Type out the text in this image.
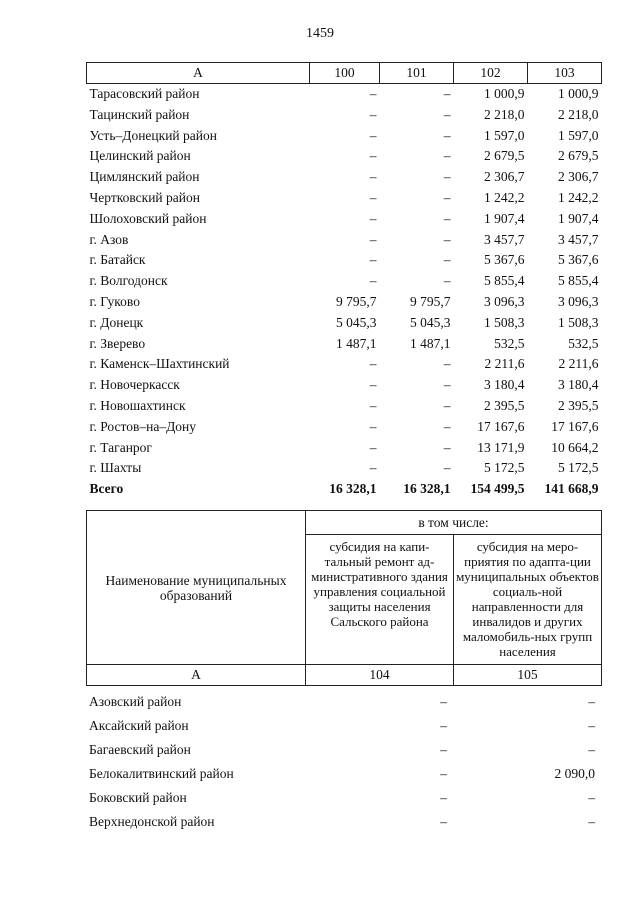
1459
А	100	101	102	103
Тарасовский район	–	–	1 000,9	1 000,9
Тацинский район	–	–	2 218,0	2 218,0
Усть–Донецкий район	–	–	1 597,0	1 597,0
Целинский район	–	–	2 679,5	2 679,5
Цимлянский район	–	–	2 306,7	2 306,7
Чертковский район	–	–	1 242,2	1 242,2
Шолоховский район	–	–	1 907,4	1 907,4
г. Азов	–	–	3 457,7	3 457,7
г. Батайск	–	–	5 367,6	5 367,6
г. Волгодонск	–	–	5 855,4	5 855,4
г. Гуково	9 795,7	9 795,7	3 096,3	3 096,3
г. Донецк	5 045,3	5 045,3	1 508,3	1 508,3
г. Зверево	1 487,1	1 487,1	532,5	532,5
г. Каменск–Шахтинский	–	–	2 211,6	2 211,6
г. Новочеркасск	–	–	3 180,4	3 180,4
г. Новошахтинск	–	–	2 395,5	2 395,5
г. Ростов–на–Дону	–	–	17 167,6	17 167,6
г. Таганрог	–	–	13 171,9	10 664,2
г. Шахты	–	–	5 172,5	5 172,5
Всего	16 328,1	16 328,1	154 499,5	141 668,9
Наименование муниципальных образований	в том числе:	
	субсидия на капи-тальный ремонт ад-министративного здания управления социальной защиты населения Сальского района	субсидия на меро-приятия по адапта-ции муниципальных объектов социаль-ной направленности для инвалидов и других маломобиль-ных групп населения
А	104	105
Азовский район	–	–
Аксайский район	–	–
Багаевский район	–	–
Белокалитвинский район	–	2 090,0
Боковский район	–	–
Верхнедонской район	–	–
